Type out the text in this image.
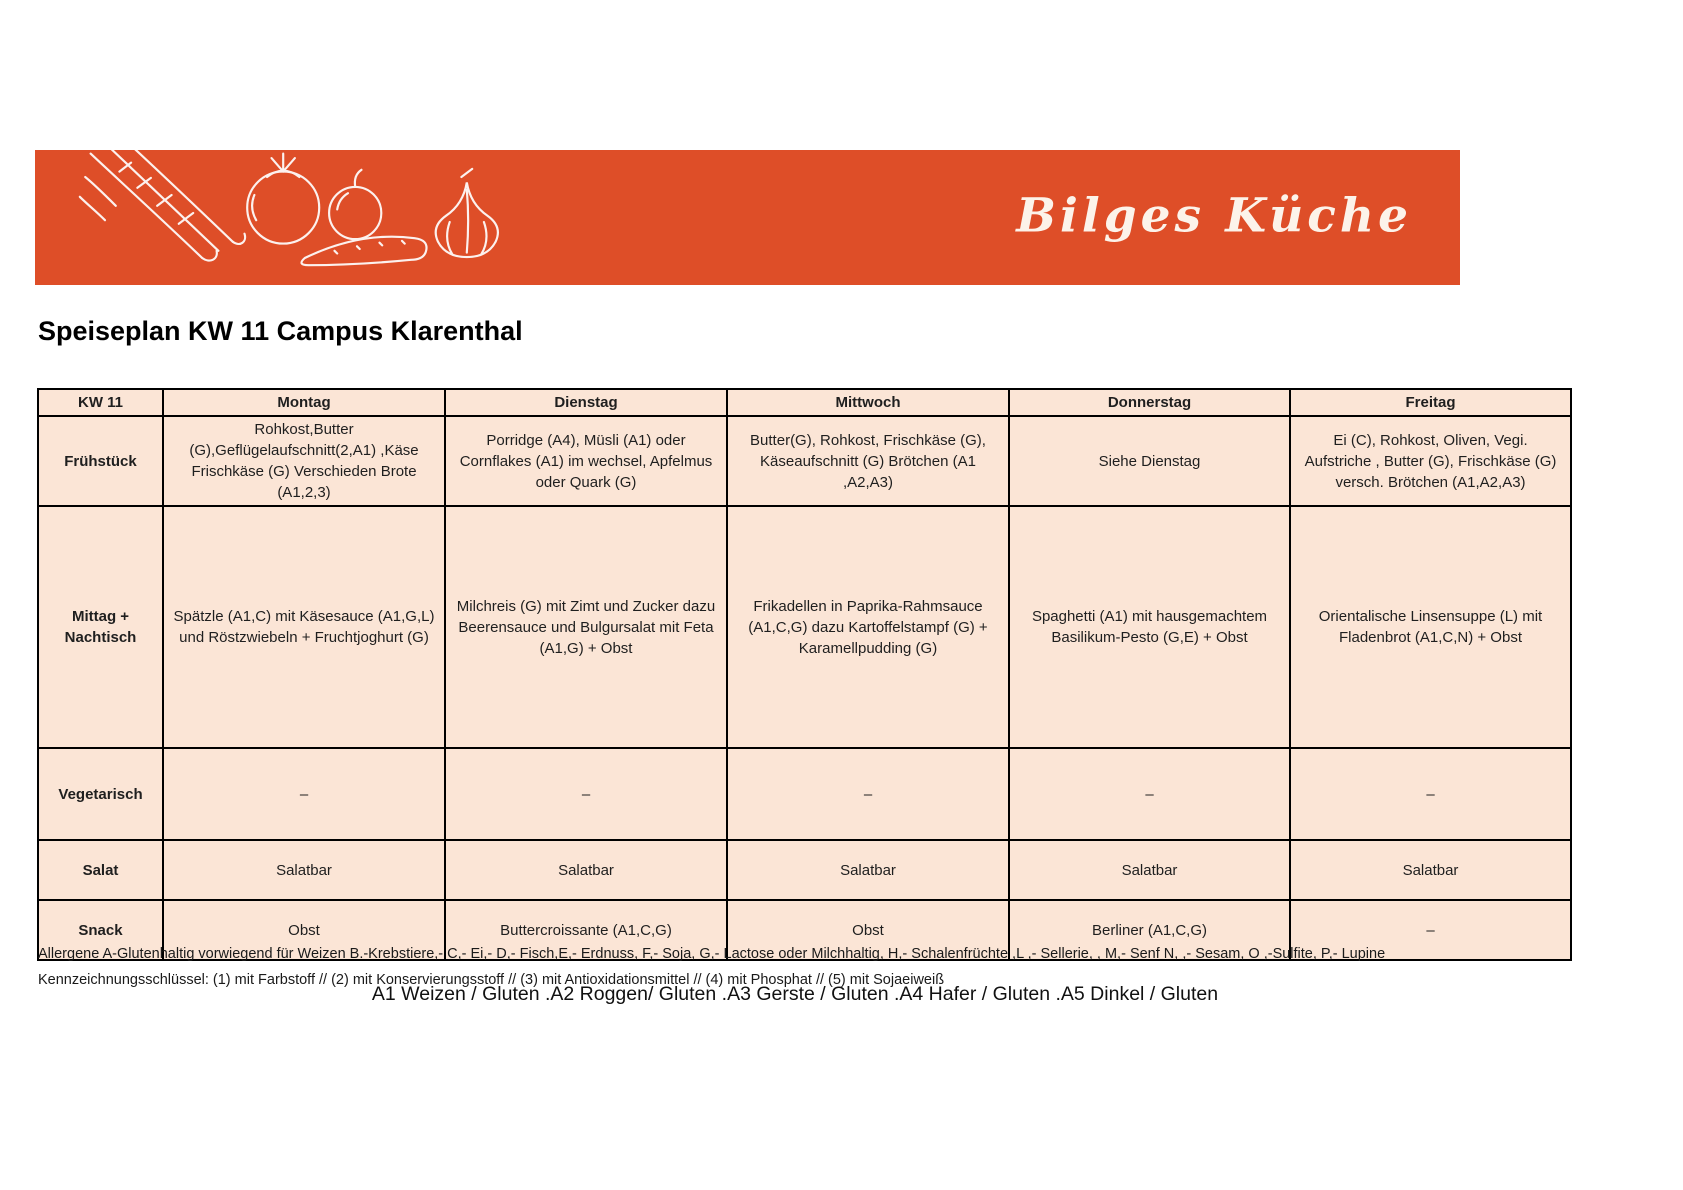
Bilges Küche
Speiseplan KW 11 Campus Klarenthal
KW 11	Montag	Dienstag	Mittwoch	Donnerstag	Freitag
Frühstück	Rohkost,Butter (G),Geflügelaufschnitt(2,A1) ,Käse Frischkäse (G) Verschieden Brote (A1,2,3)	Porridge (A4), Müsli (A1) oder Cornflakes (A1) im wechsel, Apfelmus oder Quark (G)	Butter(G), Rohkost, Frischkäse (G), Käseaufschnitt (G) Brötchen (A1 ,A2,A3)	Siehe Dienstag	Ei (C), Rohkost, Oliven, Vegi. Aufstriche , Butter (G), Frischkäse (G) versch. Brötchen (A1,A2,A3)
Mittag + Nachtisch	Spätzle (A1,C) mit Käsesauce (A1,G,L) und Röstzwiebeln + Fruchtjoghurt (G)	Milchreis (G) mit Zimt und Zucker dazu Beerensauce und Bulgursalat mit Feta (A1,G) + Obst	Frikadellen in Paprika-Rahmsauce (A1,C,G) dazu Kartoffelstampf (G) + Karamellpudding (G)	Spaghetti (A1) mit hausgemachtem Basilikum-Pesto (G,E) + Obst	Orientalische Linsensuppe (L) mit Fladenbrot (A1,C,N) + Obst
Vegetarisch	–	–	–	–	–
Salat	Salatbar	Salatbar	Salatbar	Salatbar	Salatbar
Snack	Obst	Buttercroissante (A1,C,G)	Obst	Berliner (A1,C,G)	–
Allergene A-Glutenhaltig vorwiegend für Weizen B.-Krebstiere,- C,- Ei,- D,- Fisch,E,- Erdnuss, F,- Soja, G,- Lactose oder Milchhaltig, H,- Schalenfrüchte ,L ,- Sellerie, , M,- Senf N, ,- Sesam, O ,-Sulfite, P,- Lupine
Kennzeichnungsschlüssel: (1) mit Farbstoff // (2) mit Konservierungsstoff // (3) mit Antioxidationsmittel // (4) mit Phosphat // (5) mit Sojaeiweiß
A1 Weizen / Gluten .A2 Roggen/ Gluten .A3 Gerste / Gluten .A4 Hafer / Gluten .A5 Dinkel / Gluten
